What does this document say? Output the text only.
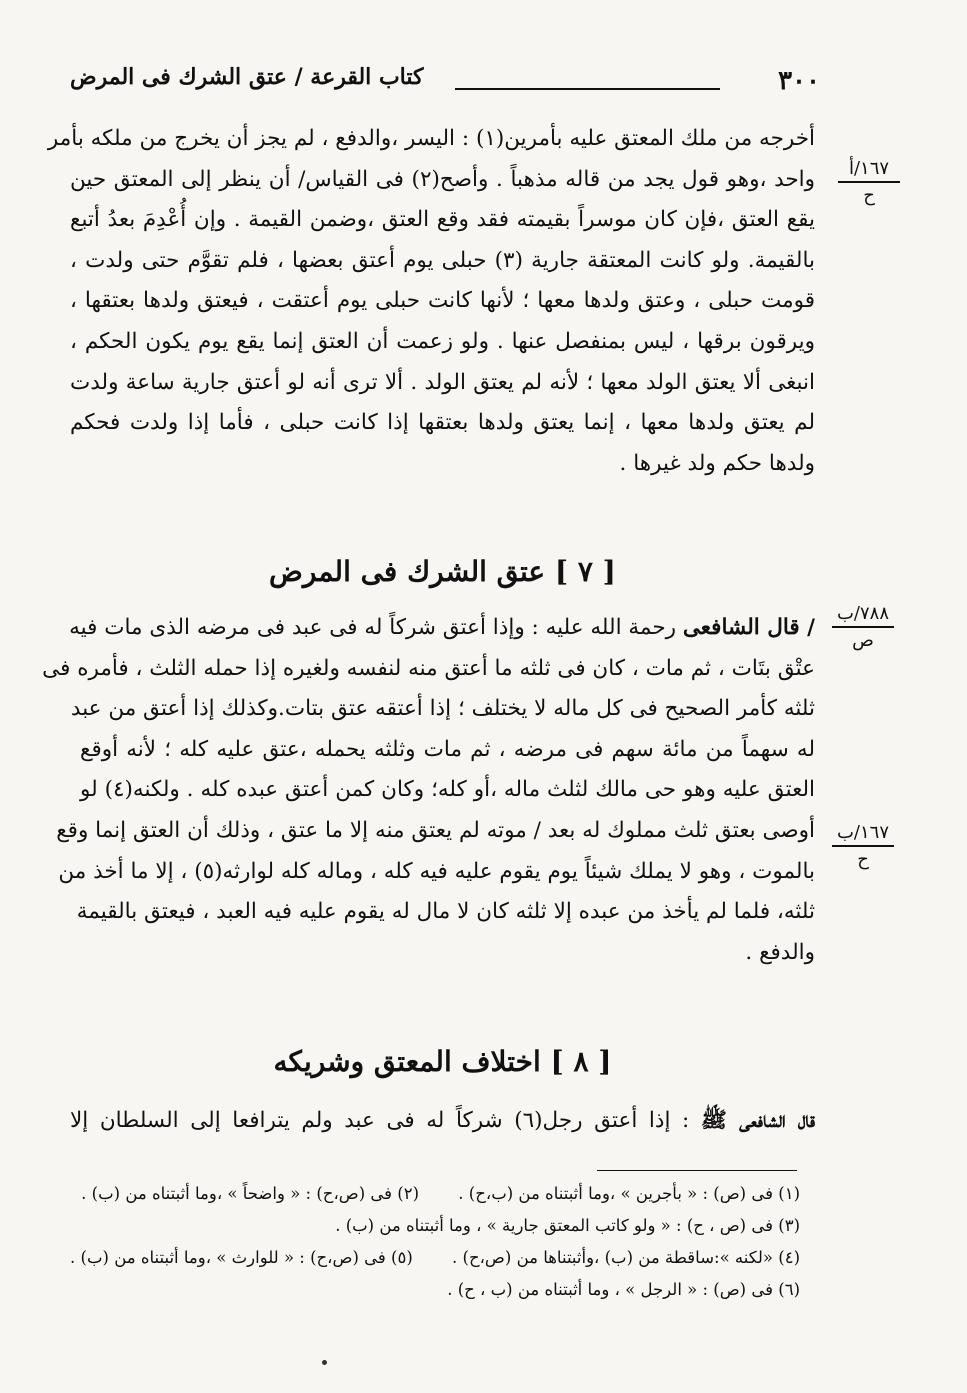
٣٠٠
كتاب القرعة / عتق الشرك فى المرض
١٦٧/أ
ح
أخرجه من ملك المعتق عليه بأمرين(١) : اليسر ،والدفع ، لم يجز أن يخرج من ملكه بأمر
واحد ،وهو قول يجد من قاله مذهباً . وأصح(٢) فى القياس/ أن ينظر إلى المعتق حين
يقع العتق ،فإن كان موسراً بقيمته فقد وقع العتق ،وضمن القيمة . وإن أُعْدِمَ بعدُ أتبع
بالقيمة. ولو كانت المعتقة جارية (٣) حبلى يوم أعتق بعضها ، فلم تقوَّم حتى ولدت ،
قومت حبلى ، وعتق ولدها معها ؛ لأنها كانت حبلى يوم أعتقت ، فيعتق ولدها بعتقها ،
ويرقون برقها ، ليس بمنفصل عنها . ولو زعمت أن العتق إنما يقع يوم يكون الحكم ،
انبغى ألا يعتق الولد معها ؛ لأنه لم يعتق الولد . ألا ترى أنه لو أعتق جارية ساعة ولدت
لم يعتق ولدها معها ، إنما يعتق ولدها بعتقها إذا كانت حبلى ، فأما إذا ولدت فحكم
ولدها حكم ولد غيرها .
[ ٧ ] عتق الشرك فى المرض
٧٨٨/ب
ص
١٦٧/ب
ح
/ قال الشافعى رحمة الله عليه : وإذا أعتق شركاً له فى عبد فى مرضه الذى مات فيه
عتْق بتَات ، ثم مات ، كان فى ثلثه ما أعتق منه لنفسه ولغيره إذا حمله الثلث ، فأمره فى
ثلثه كأمر الصحيح فى كل ماله لا يختلف ؛ إذا أعتقه عتق بتات.وكذلك إذا أعتق من عبد
له سهماً من مائة سهم فى مرضه ، ثم مات وثلثه يحمله ،عتق عليه كله ؛ لأنه أوقع
العتق عليه وهو حى مالك لثلث ماله ،أو كله؛ وكان كمن أعتق عبده كله . ولكنه(٤) لو
أوصى بعتق ثلث مملوك له بعد / موته لم يعتق منه إلا ما عتق ، وذلك أن العتق إنما وقع
بالموت ، وهو لا يملك شيئاً يوم يقوم عليه فيه كله ، وماله كله لوارثه(٥) ، إلا ما أخذ من
ثلثه، فلما لم يأخذ من عبده إلا ثلثه كان لا مال له يقوم عليه فيه العبد ، فيعتق بالقيمة
والدفع .
[ ٨ ] اختلاف المعتق وشريكه
قال الشافعى ﷺ : إذا أعتق رجل(٦) شركاً له فى عبد ولم يترافعا إلى السلطان إلا
(١) فى (ص) : « بأجرين » ،وما أثبتناه من (ب،ح) . (٢) فى (ص،ح) : « واضحاً » ،وما أثبتناه من (ب) .
(٣) فى (ص ، ح) : « ولو كاتب المعتق جارية » ، وما أثبتناه من (ب) .
(٤) «لكنه »:ساقطة من (ب) ،وأثبتناها من (ص،ح) . (٥) فى (ص،ح) : « للوارث » ،وما أثبتناه من (ب) .
(٦) فى (ص) : « الرجل » ، وما أثبتناه من (ب ، ح) .
